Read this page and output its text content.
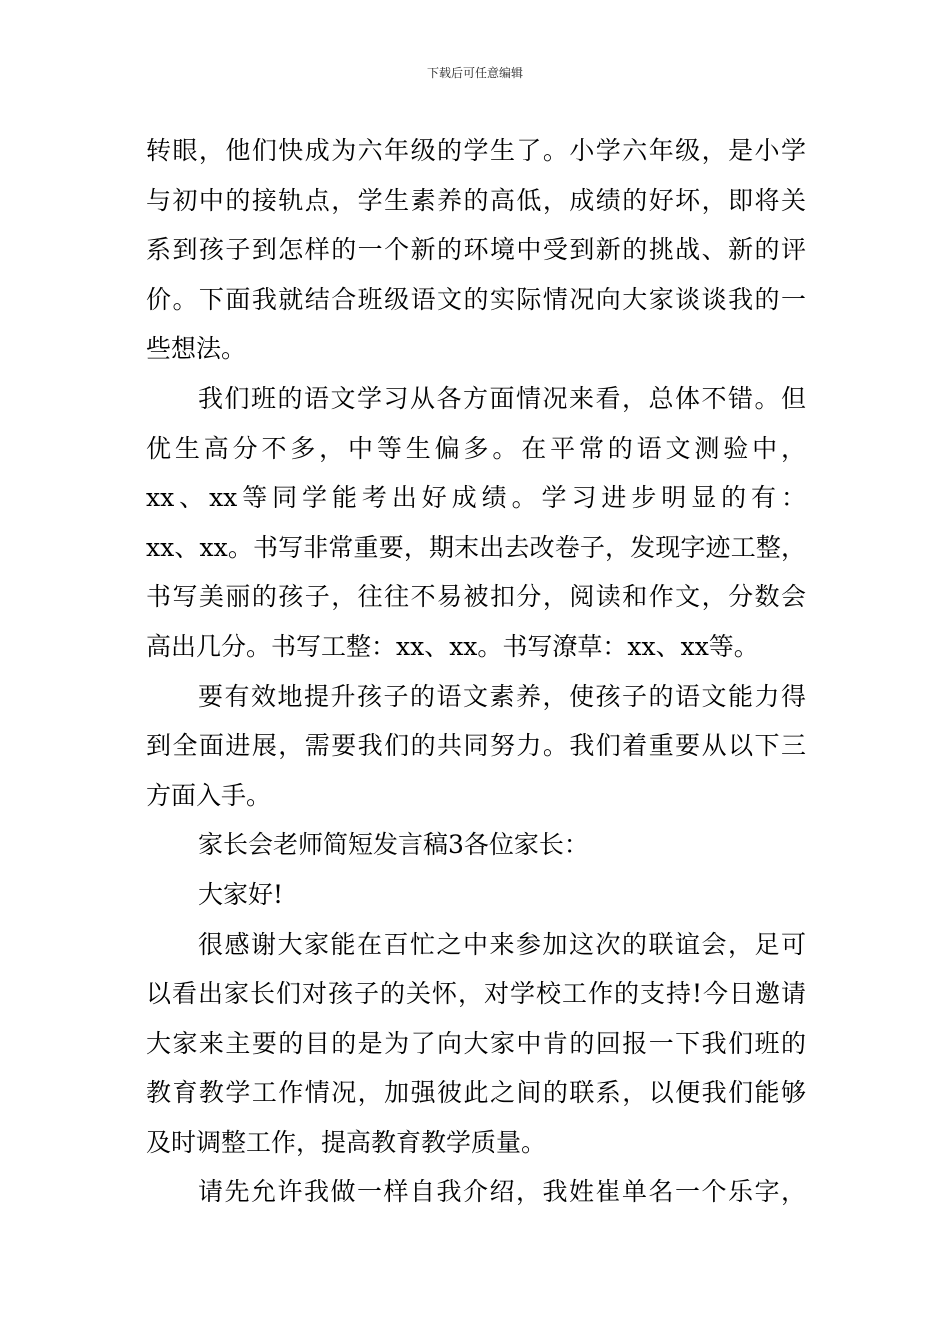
下载后可任意编辑
转眼，他们快成为六年级的学生了。小学六年级，是小学
与初中的接轨点，学生素养的高低，成绩的好坏，即将关
系到孩子到怎样的一个新的环境中受到新的挑战、新的评
价。下面我就结合班级语文的实际情况向大家谈谈我的一
些想法。
我们班的语文学习从各方面情况来看，总体不错。但
优生高分不多，中等生偏多。在平常的语文测验中，
xx、xx等同学能考出好成绩。学习进步明显的有：
xx、xx。书写非常重要，期末出去改卷子，发现字迹工整，
书写美丽的孩子，往往不易被扣分，阅读和作文，分数会
高出几分。书写工整：xx、xx。书写潦草：xx、xx等。
要有效地提升孩子的语文素养，使孩子的语文能力得
到全面进展，需要我们的共同努力。我们着重要从以下三
方面入手。
家长会老师简短发言稿3各位家长：
大家好!
很感谢大家能在百忙之中来参加这次的联谊会，足可
以看出家长们对孩子的关怀，对学校工作的支持!今日邀请
大家来主要的目的是为了向大家中肯的回报一下我们班的
教育教学工作情况，加强彼此之间的联系，以便我们能够
及时调整工作，提高教育教学质量。
请先允许我做一样自我介绍，我姓崔单名一个乐字，
